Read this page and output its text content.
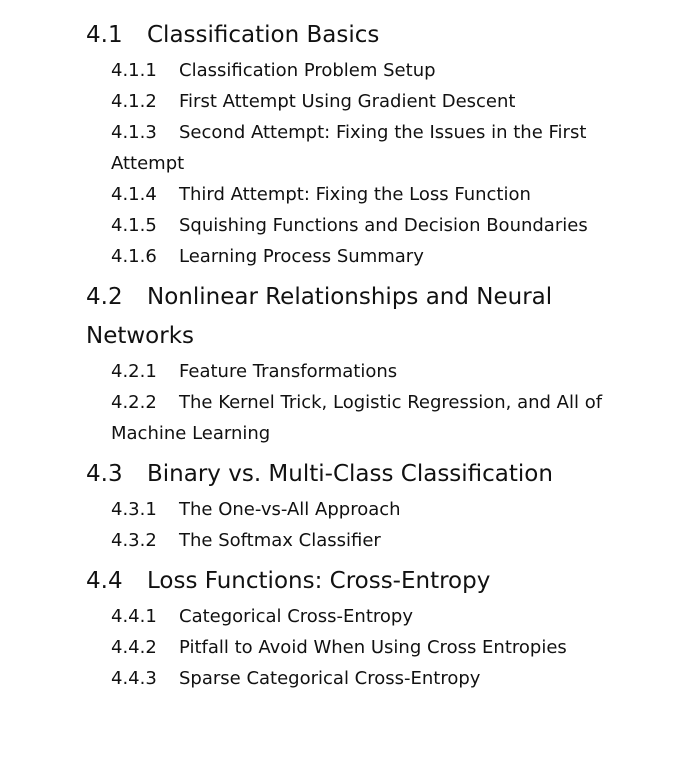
4.1 Classification Basics
4.1.1 Classification Problem Setup
4.1.2 First Attempt Using Gradient Descent
4.1.3 Second Attempt: Fixing the Issues in the First Attempt
4.1.4 Third Attempt: Fixing the Loss Function
4.1.5 Squishing Functions and Decision Boundaries
4.1.6 Learning Process Summary
4.2 Nonlinear Relationships and Neural Networks
4.2.1 Feature Transformations
4.2.2 The Kernel Trick, Logistic Regression, and All of Machine Learning
4.3 Binary vs. Multi-Class Classification
4.3.1 The One-vs-All Approach
4.3.2 The Softmax Classifier
4.4 Loss Functions: Cross-Entropy
4.4.1 Categorical Cross-Entropy
4.4.2 Pitfall to Avoid When Using Cross Entropies
4.4.3 Sparse Categorical Cross-Entropy
